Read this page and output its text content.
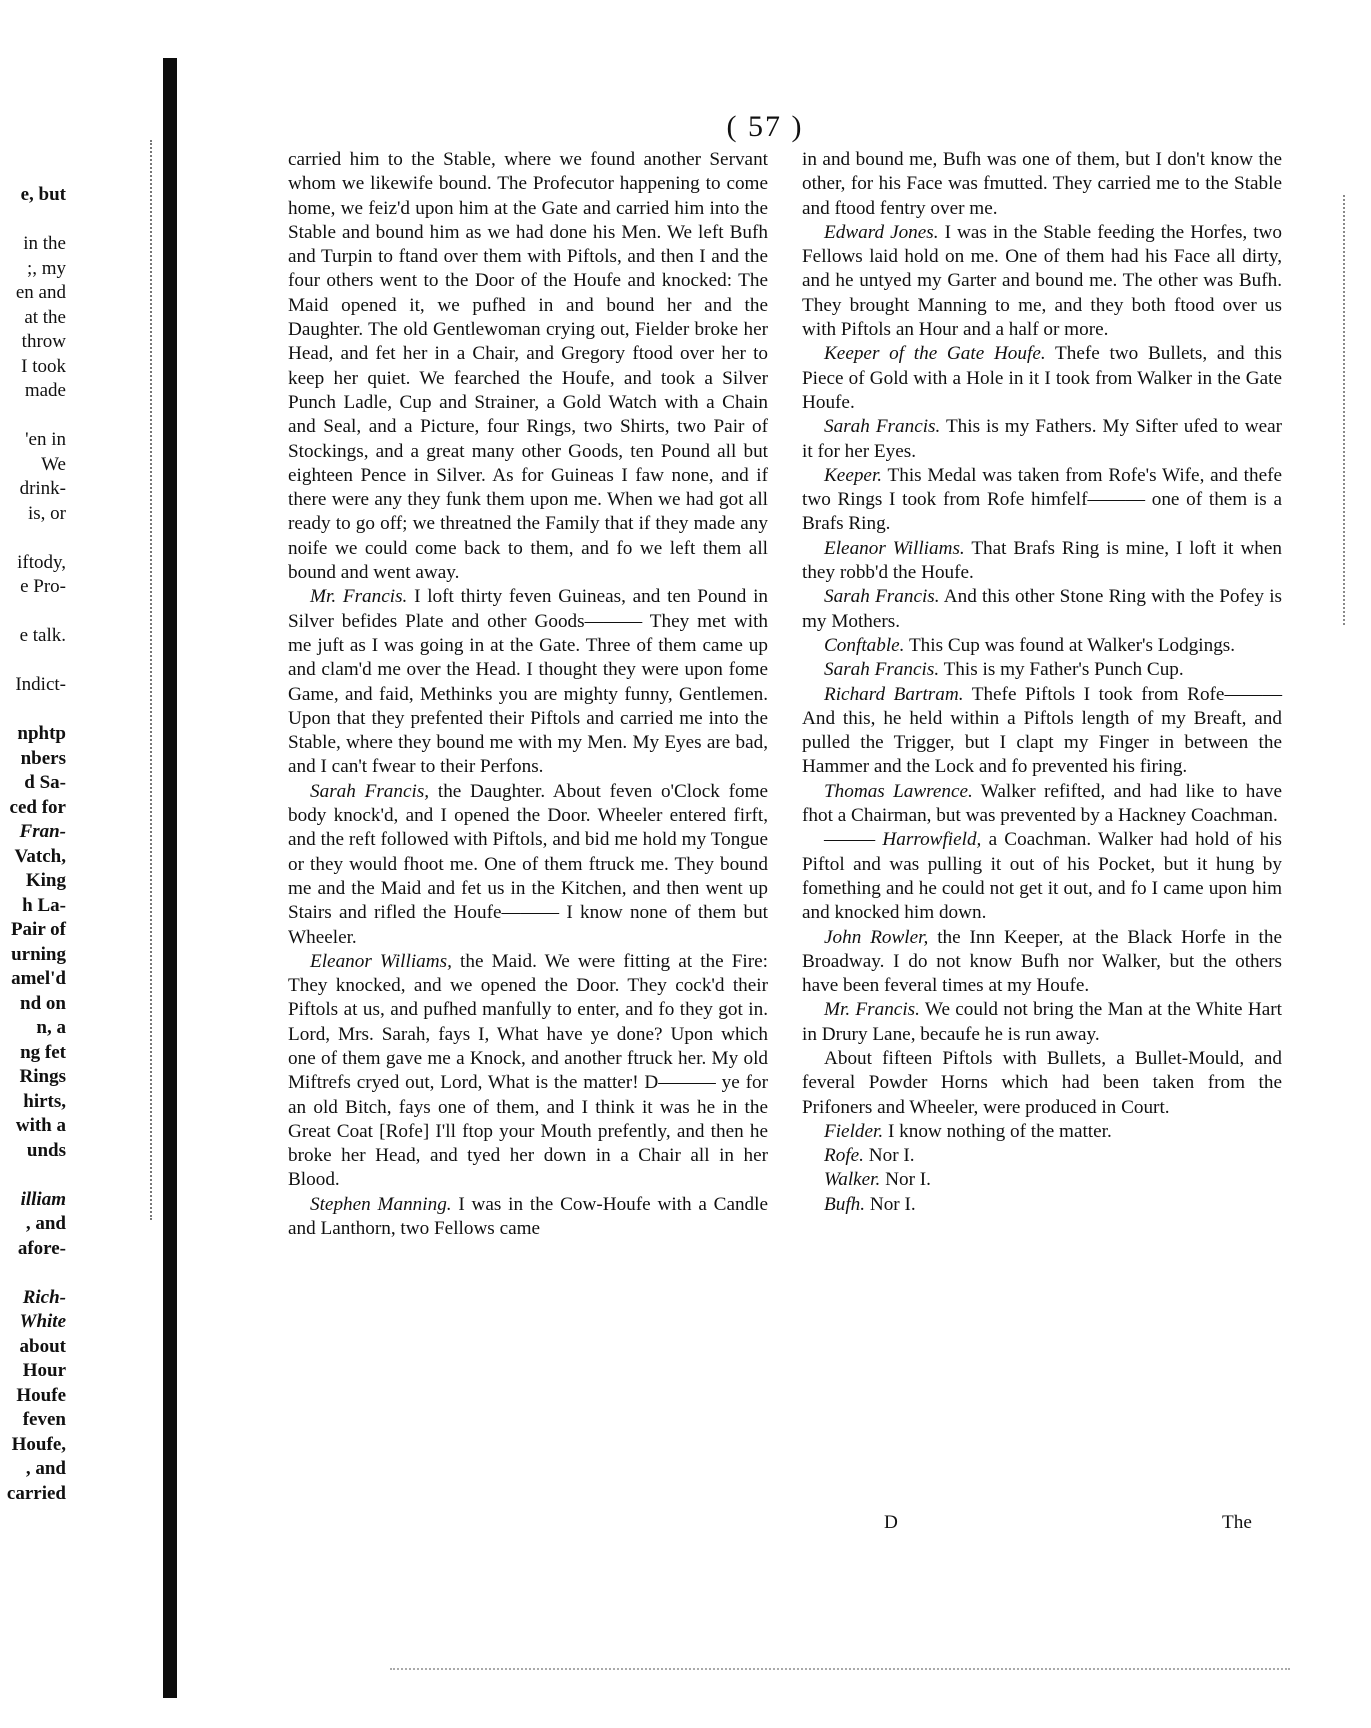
( 57 )
e, but
in the
;, my
en and
at the
throw
I took
made
'en in
We
drink-
is, or
iftody,
e Pro-
e talk.
Indict-
nphtp
nbers
d Sa-
ced for
Fran-
Vatch,
King
h La-
Pair of
urning
amel'd
nd on
n, a
ng fet
Rings
hirts,
with a
unds
illiam
, and
afore-
Rich-
White
about
Hour
Houfe
feven
Houfe,
, and
carried

carried him to the Stable, where we found another Servant whom we likewife bound. The Profecutor happening to come home, we feiz'd upon him at the Gate and carried him into the Stable and bound him as we had done his Men. We left Bufh and Turpin to ftand over them with Piftols, and then I and the four others went to the Door of the Houfe and knocked: The Maid opened it, we pufhed in and bound her and the Daughter. The old Gentlewoman crying out, Fielder broke her Head, and fet her in a Chair, and Gregory ftood over her to keep her quiet. We fearched the Houfe, and took a Silver Punch Ladle, Cup and Strainer, a Gold Watch with a Chain and Seal, and a Picture, four Rings, two Shirts, two Pair of Stockings, and a great many other Goods, ten Pound all but eighteen Pence in Silver. As for Guineas I faw none, and if there were any they funk them upon me. When we had got all ready to go off; we threatned the Family that if they made any noife we could come back to them, and fo we left them all bound and went away.

Mr. Francis. I loft thirty feven Guineas, and ten Pound in Silver befides Plate and other Goods——— They met with me juft as I was going in at the Gate. Three of them came up and clam'd me over the Head. I thought they were upon fome Game, and faid, Methinks you are mighty funny, Gentlemen. Upon that they prefented their Piftols and carried me into the Stable, where they bound me with my Men. My Eyes are bad, and I can't fwear to their Perfons.

Sarah Francis, the Daughter. About feven o'Clock fome body knock'd, and I opened the Door. Wheeler entered firft, and the reft followed with Piftols, and bid me hold my Tongue or they would fhoot me. One of them ftruck me. They bound me and the Maid and fet us in the Kitchen, and then went up Stairs and rifled the Houfe——— I know none of them but Wheeler.

Eleanor Williams, the Maid. We were fitting at the Fire: They knocked, and we opened the Door. They cock'd their Piftols at us, and pufhed manfully to enter, and fo they got in. Lord, Mrs. Sarah, fays I, What have ye done? Upon which one of them gave me a Knock, and another ftruck her. My old Miftrefs cryed out, Lord, What is the matter! D——— ye for an old Bitch, fays one of them, and I think it was he in the Great Coat [Rofe] I'll ftop your Mouth prefently, and then he broke her Head, and tyed her down in a Chair all in her Blood.

Stephen Manning. I was in the Cow-Houfe with a Candle and Lanthorn, two Fellows came

in and bound me, Bufh was one of them, but I don't know the other, for his Face was fmutted. They carried me to the Stable and ftood fentry over me.

Edward Jones. I was in the Stable feeding the Horfes, two Fellows laid hold on me. One of them had his Face all dirty, and he untyed my Garter and bound me. The other was Bufh. They brought Manning to me, and they both ftood over us with Piftols an Hour and a half or more.

Keeper of the Gate Houfe. Thefe two Bullets, and this Piece of Gold with a Hole in it I took from Walker in the Gate Houfe.

Sarah Francis. This is my Fathers. My Sifter ufed to wear it for her Eyes.

Keeper. This Medal was taken from Rofe's Wife, and thefe two Rings I took from Rofe himfelf——— one of them is a Brafs Ring.

Eleanor Williams. That Brafs Ring is mine, I loft it when they robb'd the Houfe.

Sarah Francis. And this other Stone Ring with the Pofey is my Mothers.

Conftable. This Cup was found at Walker's Lodgings.

Sarah Francis. This is my Father's Punch Cup.

Richard Bartram. Thefe Piftols I took from Rofe——— And this, he held within a Piftols length of my Breaft, and pulled the Trigger, but I clapt my Finger in between the Hammer and the Lock and fo prevented his firing.

Thomas Lawrence. Walker refifted, and had like to have fhot a Chairman, but was prevented by a Hackney Coachman.

——— Harrowfield, a Coachman. Walker had hold of his Piftol and was pulling it out of his Pocket, but it hung by fomething and he could not get it out, and fo I came upon him and knocked him down.

John Rowler, the Inn Keeper, at the Black Horfe in the Broadway. I do not know Bufh nor Walker, but the others have been feveral times at my Houfe.

Mr. Francis. We could not bring the Man at the White Hart in Drury Lane, becaufe he is run away.

About fifteen Piftols with Bullets, a Bullet-Mould, and feveral Powder Horns which had been taken from the Prifoners and Wheeler, were produced in Court.

Fielder. I know nothing of the matter.

Rofe. Nor I.

Walker. Nor I.

Bufh. Nor I.

D	The
